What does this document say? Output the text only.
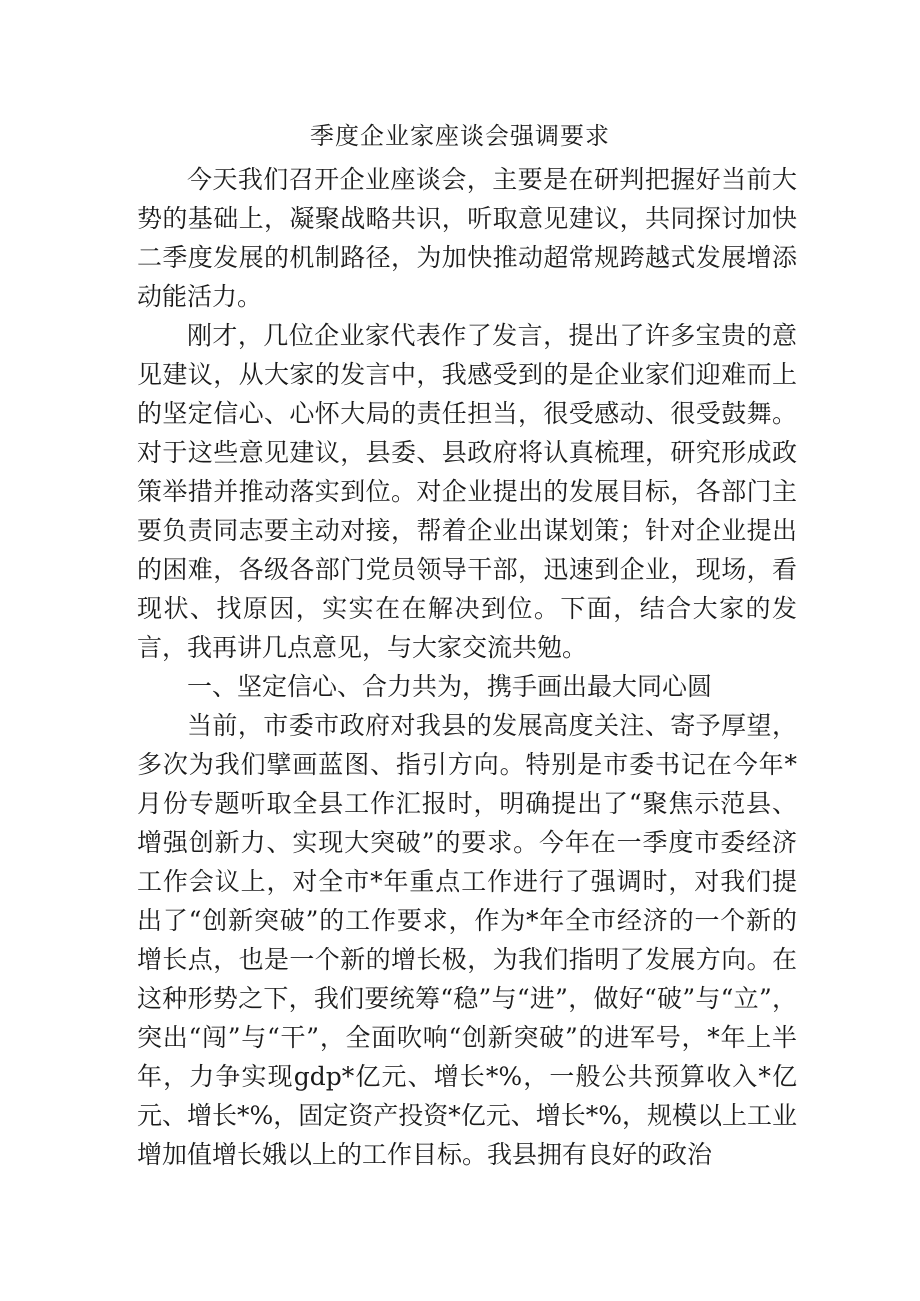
季度企业家座谈会强调要求

今天我们召开企业座谈会，主要是在研判把握好当前大势的基础上，凝聚战略共识，听取意见建议，共同探讨加快二季度发展的机制路径，为加快推动超常规跨越式发展增添动能活力。

刚才，几位企业家代表作了发言，提出了许多宝贵的意见建议，从大家的发言中，我感受到的是企业家们迎难而上的坚定信心、心怀大局的责任担当，很受感动、很受鼓舞。对于这些意见建议，县委、县政府将认真梳理，研究形成政策举措并推动落实到位。对企业提出的发展目标，各部门主要负责同志要主动对接，帮着企业出谋划策；针对企业提出的困难，各级各部门党员领导干部，迅速到企业，现场，看现状、找原因，实实在在解决到位。下面，结合大家的发言，我再讲几点意见，与大家交流共勉。

一、坚定信心、合力共为，携手画出最大同心圆

当前，市委市政府对我县的发展高度关注、寄予厚望，多次为我们擘画蓝图、指引方向。特别是市委书记在今年*月份专题听取全县工作汇报时，明确提出了“聚焦示范县、增强创新力、实现大突破”的要求。今年在一季度市委经济工作会议上，对全市*年重点工作进行了强调时，对我们提出了“创新突破”的工作要求，作为*年全市经济的一个新的增长点，也是一个新的增长极，为我们指明了发展方向。在这种形势之下，我们要统筹“稳”与“进”，做好“破”与“立”，突出“闯”与“干”，全面吹响“创新突破”的进军号，*年上半年，力争实现gdp*亿元、增长*%，一般公共预算收入*亿元、增长*%，固定资产投资*亿元、增长*%，规模以上工业增加值增长娥以上的工作目标。我县拥有良好的政治
